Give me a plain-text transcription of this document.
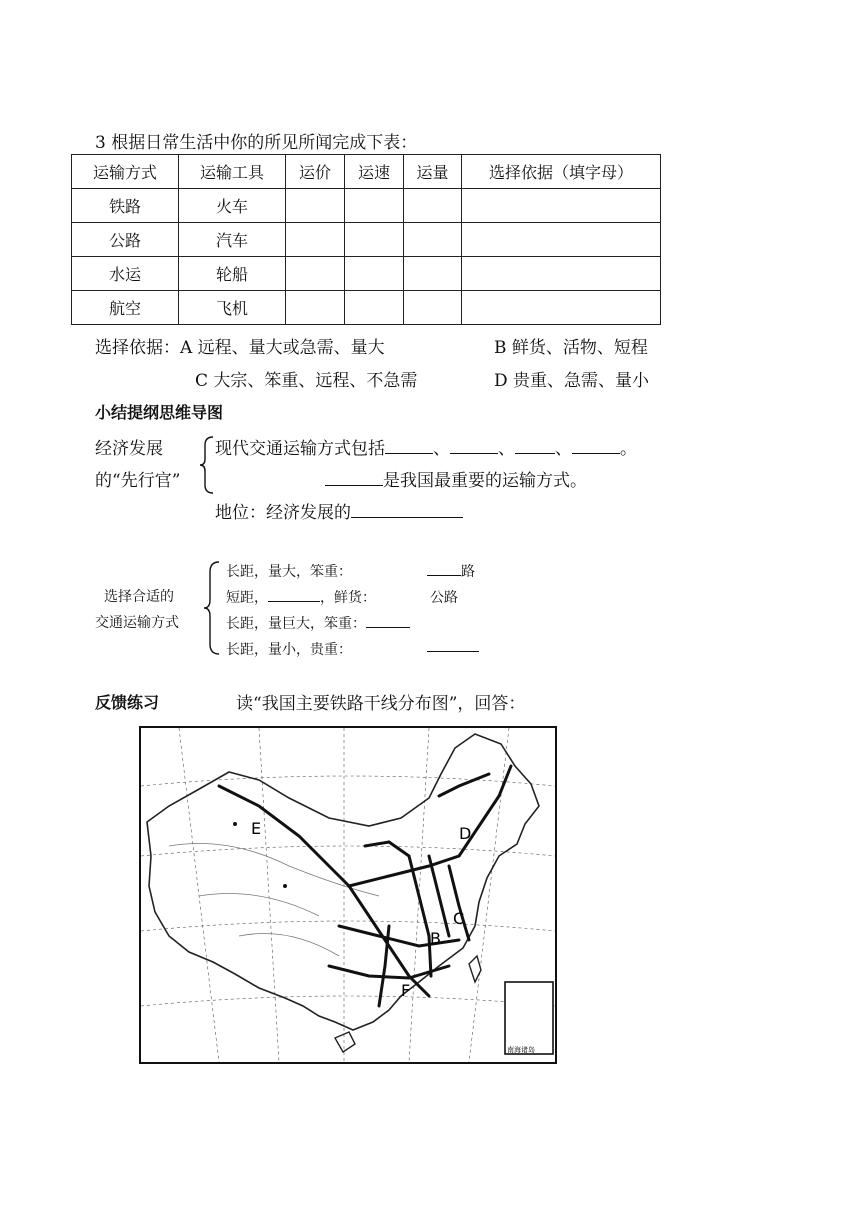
3 根据日常生活中你的所见所闻完成下表：
运输方式	运输工具	运价	运速	运量	选择依据（填字母）
铁路	火车				
公路	汽车				
水运	轮船				
航空	飞机				
选择依据：A 远程、量大或急需、量大	B 鲜货、活物、短程
C 大宗、笨重、远程、不急需	D 贵重、急需、量小
小结提纲思维导图
经济发展
的“先行官”
现代交通运输方式包括	、	、 、	。
是我国最重要的运输方式。
地位：经济发展的
选择合适的
交通运输方式
长距，量大，笨重：	路
短距，	，鲜货：	公路
长距，量巨大，笨重：
长距，量小，贵重：
反馈练习	读“我国主要铁路干线分布图”，回答：
南海诸岛
E	D
C
B
F
